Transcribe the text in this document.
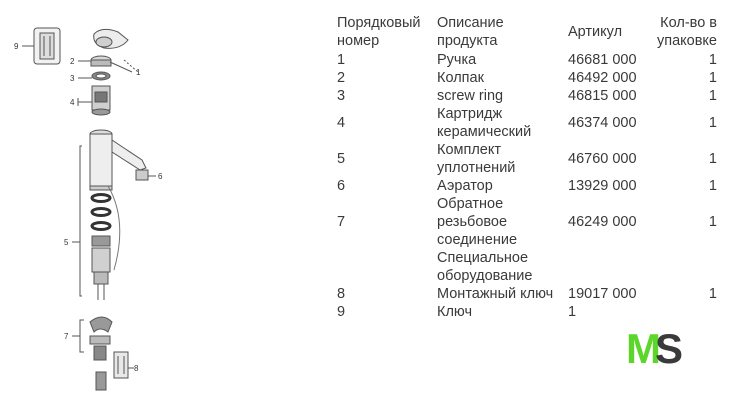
9
2
3
4
1
6
5
7
8
Порядковый
номер	Описание
продукта	Артикул	Кол-во в
упаковке

1	Ручка	46681 000	1

2	Колпак	46492 000	1

3	screw ring	46815 000	1

4	Картридж
керамический	46374 000	1

5	Комплект
уплотнений	46760 000	1

6	Аэратор	13929 000	1

7	Обратное
резьбовое
соединение	46249 000	1

	Специальное
оборудование		

8	Монтажный ключ	19017 000	1

9	Ключ	1	

M
S
